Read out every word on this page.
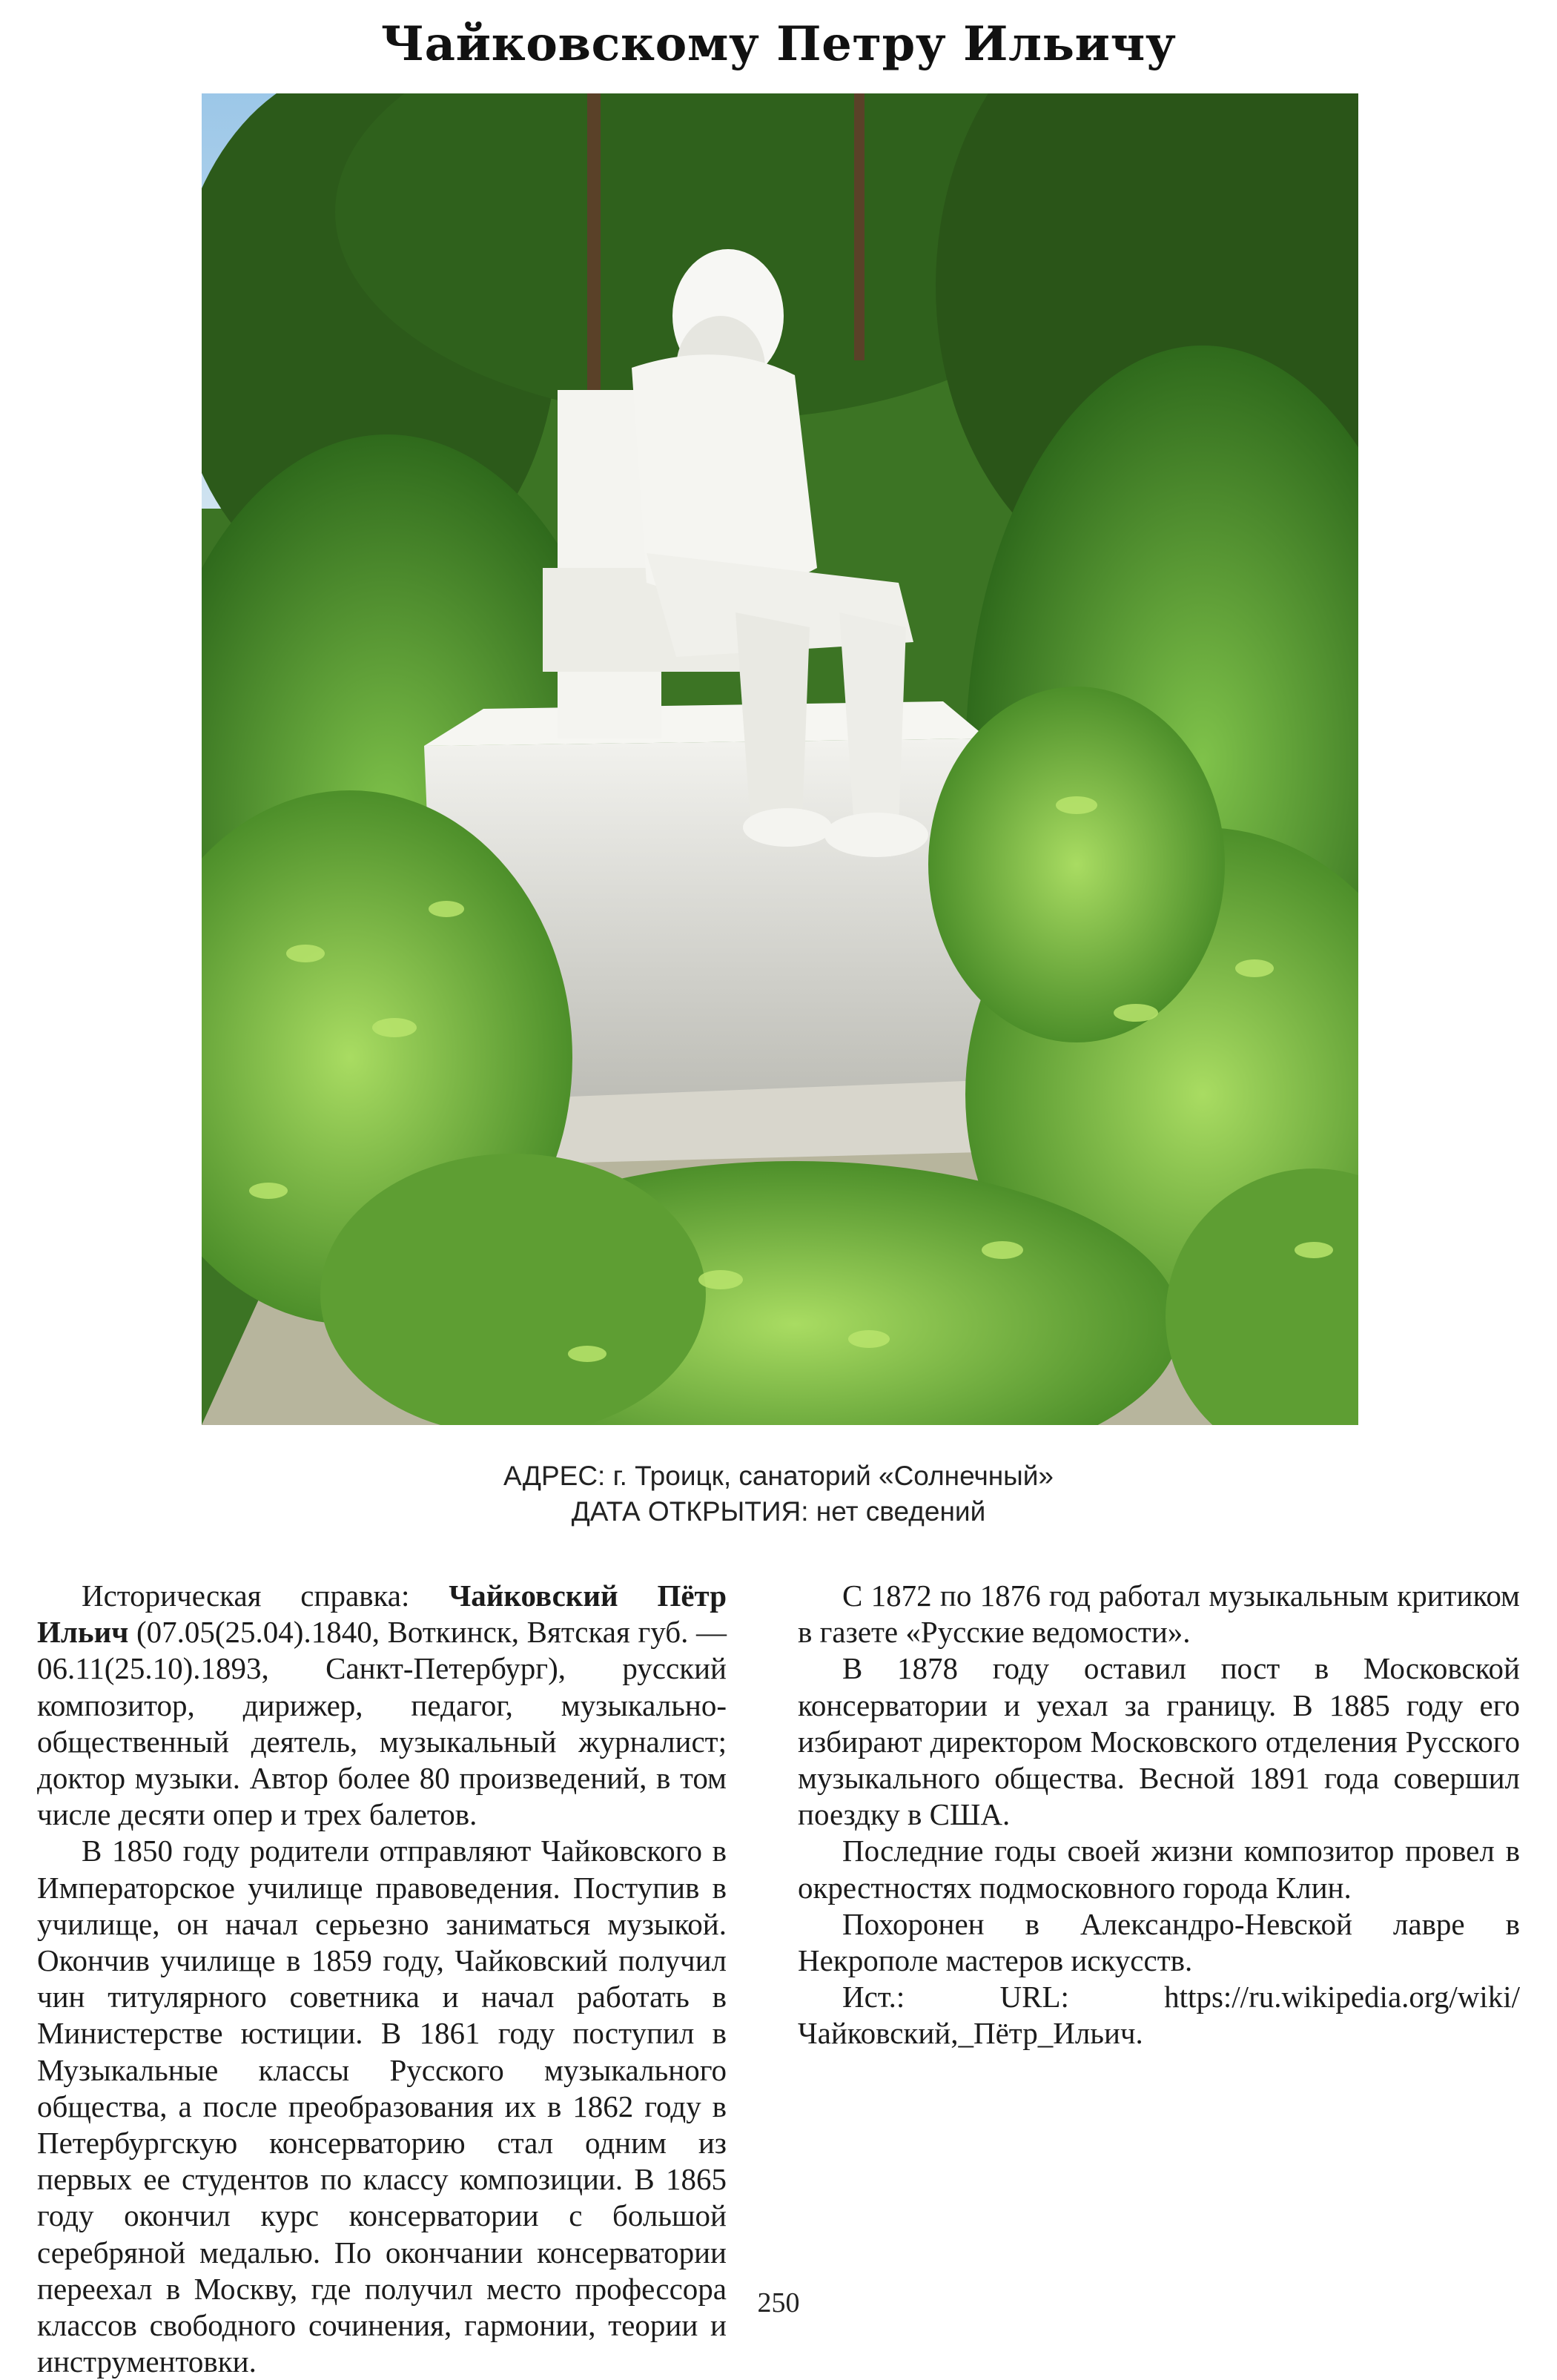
Чайковскому Петру Ильичу
АДРЕС: г. Троицк, санаторий «Солнечный»
ДАТА ОТКРЫТИЯ: нет сведений

Историческая справка: Чайковский Пётр Ильич (07.05(25.04).1840, Воткинск, Вятская губ. — 06.11(25.10).1893, Санкт-Петербург), русский композитор, дирижер, педагог, музыкально-общественный деятель, музыкальный журналист; доктор музыки. Автор более 80 произведений, в том числе десяти опер и трех балетов.

В 1850 году родители отправляют Чайковского в Императорское училище правоведения. Поступив в училище, он начал серьезно заниматься музыкой. Окончив училище в 1859 году, Чайковский получил чин титулярного советника и начал работать в Министерстве юстиции. В 1861 году поступил в Музыкальные классы Русского музыкального общества, а после преобразования их в 1862 году в Петербургскую консерваторию стал одним из первых ее студентов по классу композиции. В 1865 году окончил курс консерватории с большой серебряной медалью. По окончании консерватории переехал в Москву, где получил место профессора классов свободного сочинения, гармонии, теории и инструментовки.

С 1872 по 1876 год работал музыкальным критиком в газете «Русские ведомости».

В 1878 году оставил пост в Московской консерватории и уехал за границу. В 1885 году его избирают директором Московского отделения Русского музыкального общества. Весной 1891 года совершил поездку в США.

Последние годы своей жизни композитор провел в окрестностях подмосковного города Клин.

Похоронен в Александро-Невской лавре в Некрополе мастеров искусств.

Ист.: URL: https://ru.wikipedia.org/wiki/Чайковский,_Пётр_Ильич.

250
